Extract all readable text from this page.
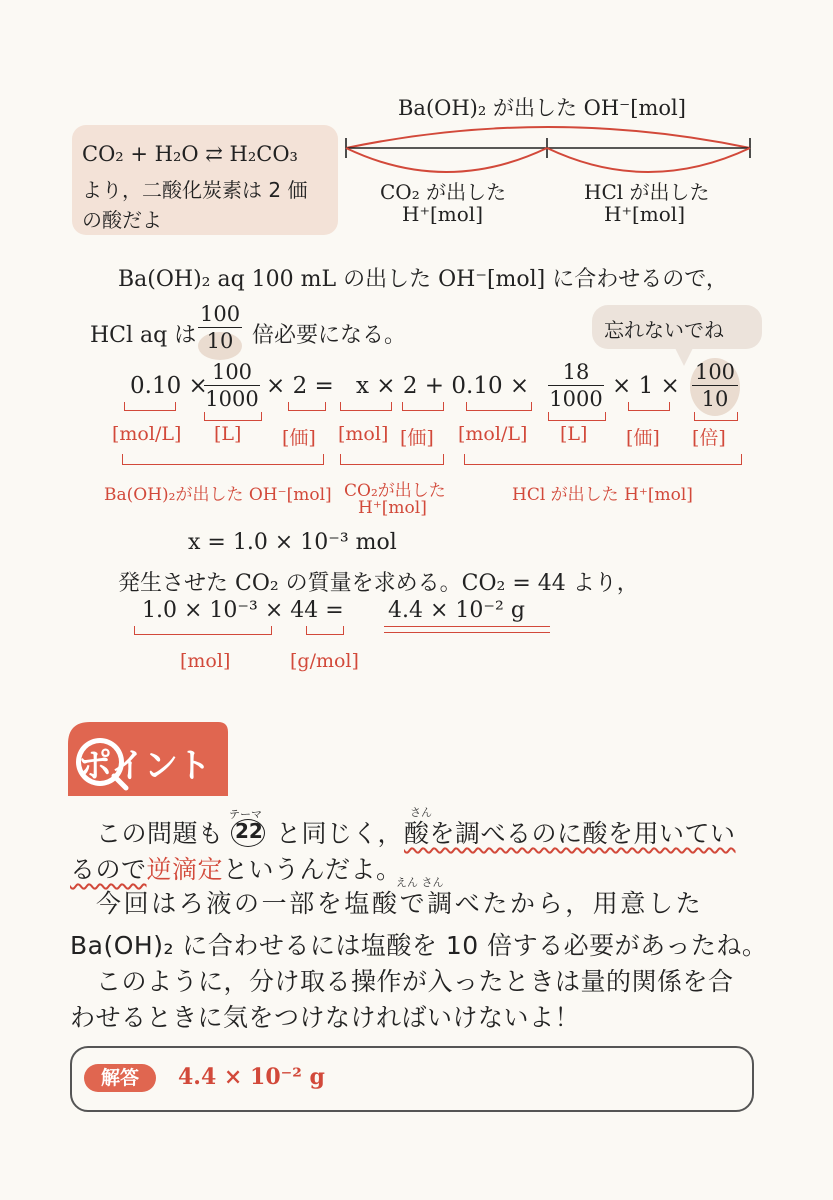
Ba(OH)₂ が出した OH⁻[mol]
CO₂ が出した
H⁺[mol]
HCl が出した
H⁺[mol]
CO₂ + H₂O ⇄ H₂CO₃
より，二酸化炭素は 2 価
の酸だよ
Ba(OH)₂ aq 100 mL の出した OH⁻[mol] に合わせるので，
HCl aq は $\frac{100}{10}$ 倍必要になる。	忘れないでね
0.10 ×
$\frac{100}{1000} \times 2 = x \times 2 + 0.10 \times \frac{18}{1000} \times 1 \times \frac{100}{10}$
[mol/L] [L] [価] [mol] [価] [mol/L] [L] [価] [倍]
Ba(OH)₂が出した OH⁻[mol] CO₂が出した
H⁺[mol]
HCl が出した H⁺[mol]
x = 1.0 × 10⁻³ mol
発生させた CO₂ の質量を求める。CO₂ = 44 より，
1.0 × 10⁻³ × 44 = 4.4 × 10⁻² g
[mol]	[g/mol]
ポイント
この問題も
テーマ
22 と同じく，
さん
酸を調べるのに酸を用いてい
るので逆滴定というんだよ。
えん さん
今回はろ液の一部を塩酸で調べたから，用意した
Ba(OH)₂ に合わせるには塩酸を 10 倍する必要があったね。
このように，分け取る操作が入ったときは量的関係を合
わせるときに気をつけなければいけないよ！
解答	4.4 × 10⁻² g
